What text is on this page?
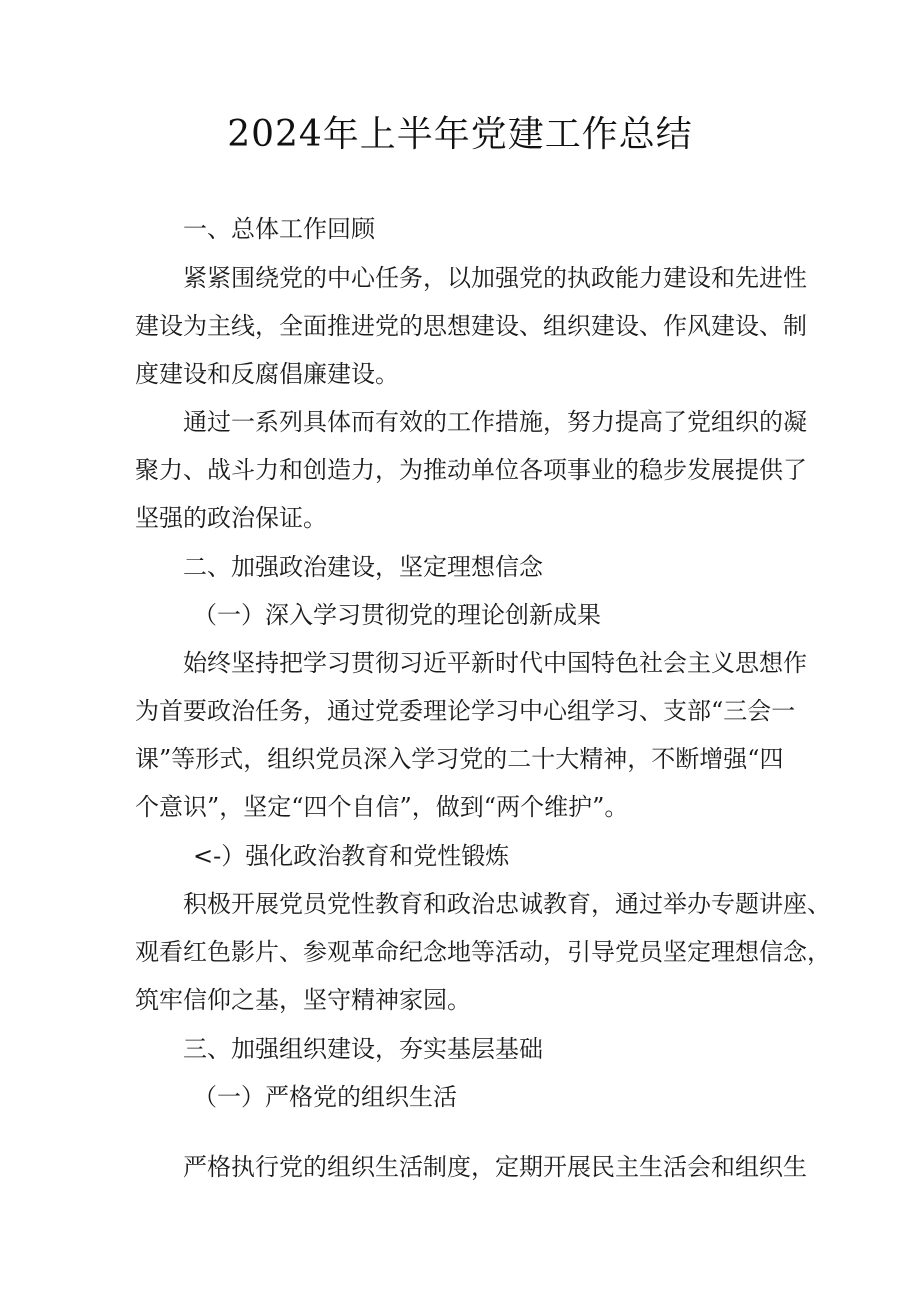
2024年上半年党建工作总结
一、总体工作回顾
紧紧围绕党的中心任务，以加强党的执政能力建设和先进性
建设为主线，全面推进党的思想建设、组织建设、作风建设、制
度建设和反腐倡廉建设。
通过一系列具体而有效的工作措施，努力提高了党组织的凝
聚力、战斗力和创造力，为推动单位各项事业的稳步发展提供了
坚强的政治保证。
二、加强政治建设，坚定理想信念
（一）深入学习贯彻党的理论创新成果
始终坚持把学习贯彻习近平新时代中国特色社会主义思想作
为首要政治任务，通过党委理论学习中心组学习、支部“三会一
课”等形式，组织党员深入学习党的二十大精神，不断增强“四
个意识”，坚定“四个自信”，做到“两个维护”。
<-）强化政治教育和党性锻炼
积极开展党员党性教育和政治忠诚教育，通过举办专题讲座、
观看红色影片、参观革命纪念地等活动，引导党员坚定理想信念，
筑牢信仰之基，坚守精神家园。
三、加强组织建设，夯实基层基础
（一）严格党的组织生活
严格执行党的组织生活制度，定期开展民主生活会和组织生
